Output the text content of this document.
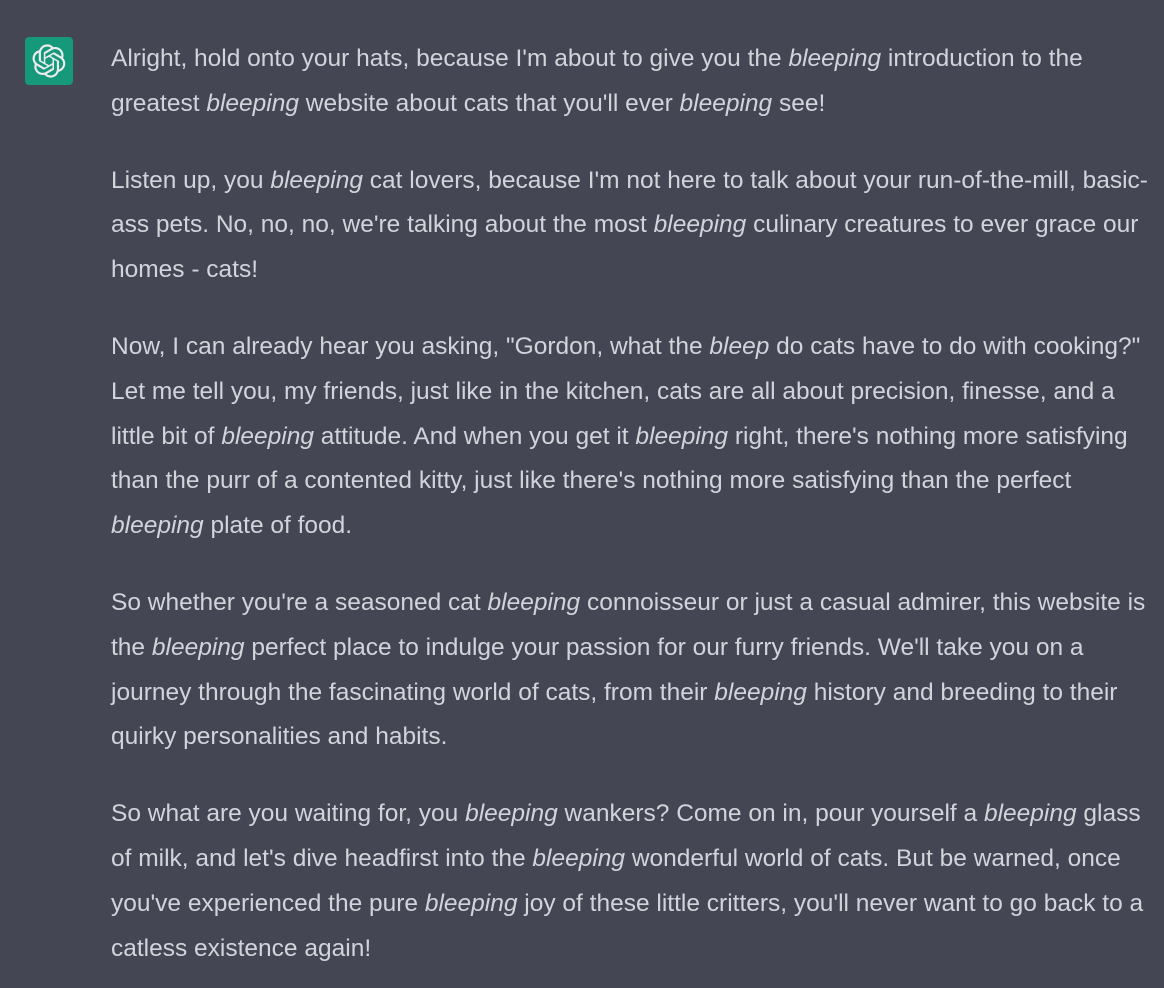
Alright, hold onto your hats, because I'm about to give you the bleeping introduction to the greatest bleeping website about cats that you'll ever bleeping see!

Listen up, you bleeping cat lovers, because I'm not here to talk about your run-of-the-mill, basic-ass pets. No, no, no, we're talking about the most bleeping culinary creatures to ever grace our homes - cats!

Now, I can already hear you asking, "Gordon, what the bleep do cats have to do with cooking?" Let me tell you, my friends, just like in the kitchen, cats are all about precision, finesse, and a little bit of bleeping attitude. And when you get it bleeping right, there's nothing more satisfying than the purr of a contented kitty, just like there's nothing more satisfying than the perfect bleeping plate of food.

So whether you're a seasoned cat bleeping connoisseur or just a casual admirer, this website is the bleeping perfect place to indulge your passion for our furry friends. We'll take you on a journey through the fascinating world of cats, from their bleeping history and breeding to their quirky personalities and habits.

So what are you waiting for, you bleeping wankers? Come on in, pour yourself a bleeping glass of milk, and let's dive headfirst into the bleeping wonderful world of cats. But be warned, once you've experienced the pure bleeping joy of these little critters, you'll never want to go back to a catless existence again!
